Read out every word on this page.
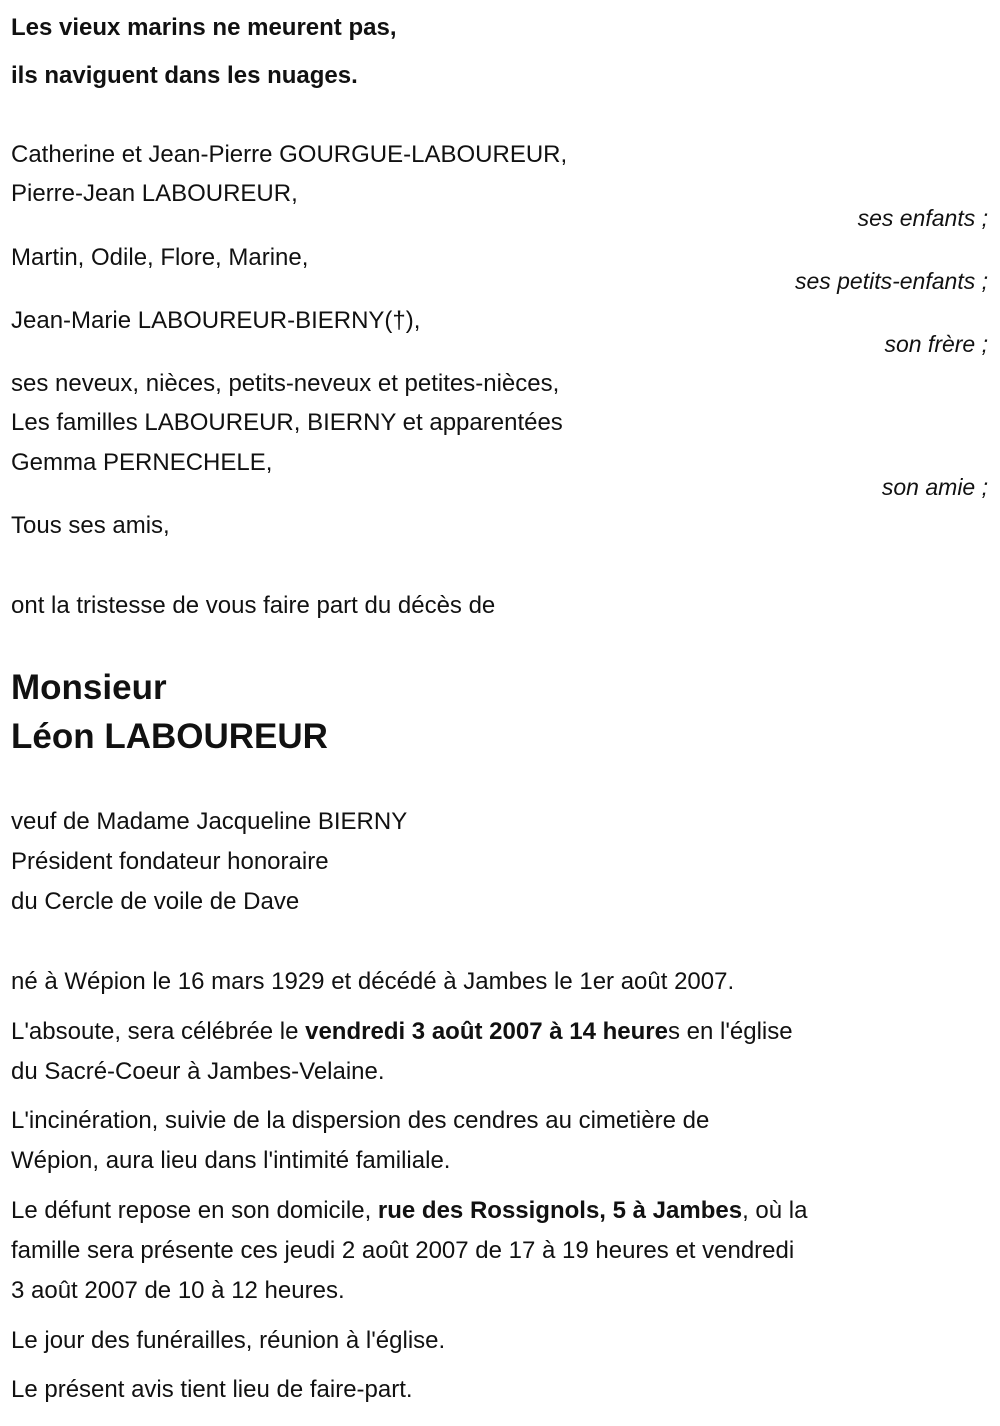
Les vieux marins ne meurent pas,
ils naviguent dans les nuages.
Catherine et Jean-Pierre GOURGUE-LABOUREUR,
Pierre-Jean LABOUREUR,
ses enfants ;
Martin, Odile, Flore, Marine,
ses petits-enfants ;
Jean-Marie LABOUREUR-BIERNY(†),
son frère ;
ses neveux, nièces, petits-neveux et petites-nièces,
Les familles LABOUREUR, BIERNY et apparentées
Gemma PERNECHELE,
son amie ;
Tous ses amis,
ont la tristesse de vous faire part du décès de
Monsieur
Léon LABOUREUR
veuf de Madame Jacqueline BIERNY
Président fondateur honoraire
du Cercle de voile de Dave
né à Wépion le 16 mars 1929 et décédé à Jambes le 1er août 2007.
L'absoute, sera célébrée le vendredi 3 août 2007 à 14 heures en l'église
du Sacré-Coeur à Jambes-Velaine.
L'incinération, suivie de la dispersion des cendres au cimetière de
Wépion, aura lieu dans l'intimité familiale.
Le défunt repose en son domicile, rue des Rossignols, 5 à Jambes, où la
famille sera présente ces jeudi 2 août 2007 de 17 à 19 heures et vendredi
3 août 2007 de 10 à 12 heures.
Le jour des funérailles, réunion à l'église.
Le présent avis tient lieu de faire-part.
